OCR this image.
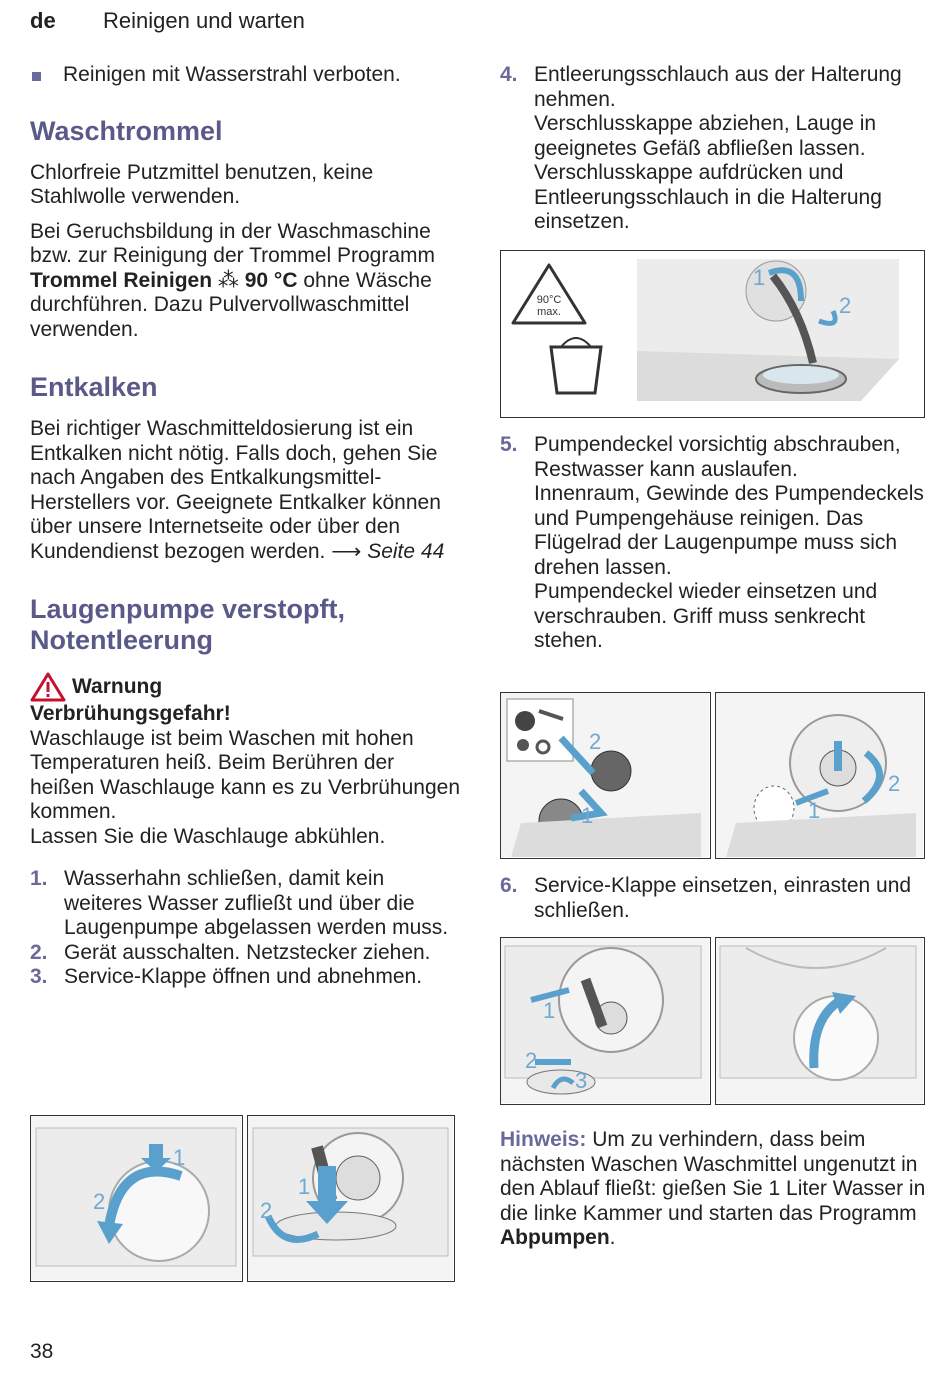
de Reinigen und warten

Reinigen mit Wasserstrahl verboten.

Waschtrommel

Chlorfreie Putzmittel benutzen, keine Stahlwolle verwenden.

Bei Geruchsbildung in der Waschmaschine bzw. zur Reinigung der Trommel Programm Trommel Reinigen ⁂ 90 °C ohne Wäsche durchführen. Dazu Pulvervollwaschmittel verwenden.

Entkalken

Bei richtiger Waschmitteldosierung ist ein Entkalken nicht nötig. Falls doch, gehen Sie nach Angaben des Entkalkungsmittel-Herstellers vor. Geeignete Entkalker können über unsere Internetseite oder über den Kundendienst bezogen werden. ⟶ Seite 44

Laugenpumpe verstopft,
Notentleerung
Warnung

Verbrühungsgefahr!

Waschlauge ist beim Waschen mit hohen Temperaturen heiß. Beim Berühren der heißen Waschlauge kann es zu Verbrühungen kommen.

Lassen Sie die Waschlauge abkühlen.

1. Wasserhahn schließen, damit kein weiteres Wasser zufließt und über die Laugenpumpe abgelassen werden muss.
2. Gerät ausschalten. Netzstecker ziehen.
3. Service-Klappe öffnen und abnehmen.
1
2
1
2
4. Entleerungsschlauch aus der Halterung nehmen.
Verschlusskappe abziehen, Lauge in geeignetes Gefäß abfließen lassen.
Verschlusskappe aufdrücken und Entleerungsschlauch in die Halterung einsetzen.
90°C
max.
1
2
5. Pumpendeckel vorsichtig abschrauben, Restwasser kann auslaufen.
Innenraum, Gewinde des Pumpendeckels und Pumpengehäuse reinigen. Das Flügelrad der Laugenpumpe muss sich drehen lassen.
Pumpendeckel wieder einsetzen und verschrauben. Griff muss senkrecht stehen.
2
1	1
2
6. Service-Klappe einsetzen, einrasten und schließen.
1
2
3

Hinweis: Um zu verhindern, dass beim nächsten Waschen Waschmittel ungenutzt in den Ablauf fließt: gießen Sie 1 Liter Wasser in die linke Kammer und starten das Programm Abpumpen.

38
